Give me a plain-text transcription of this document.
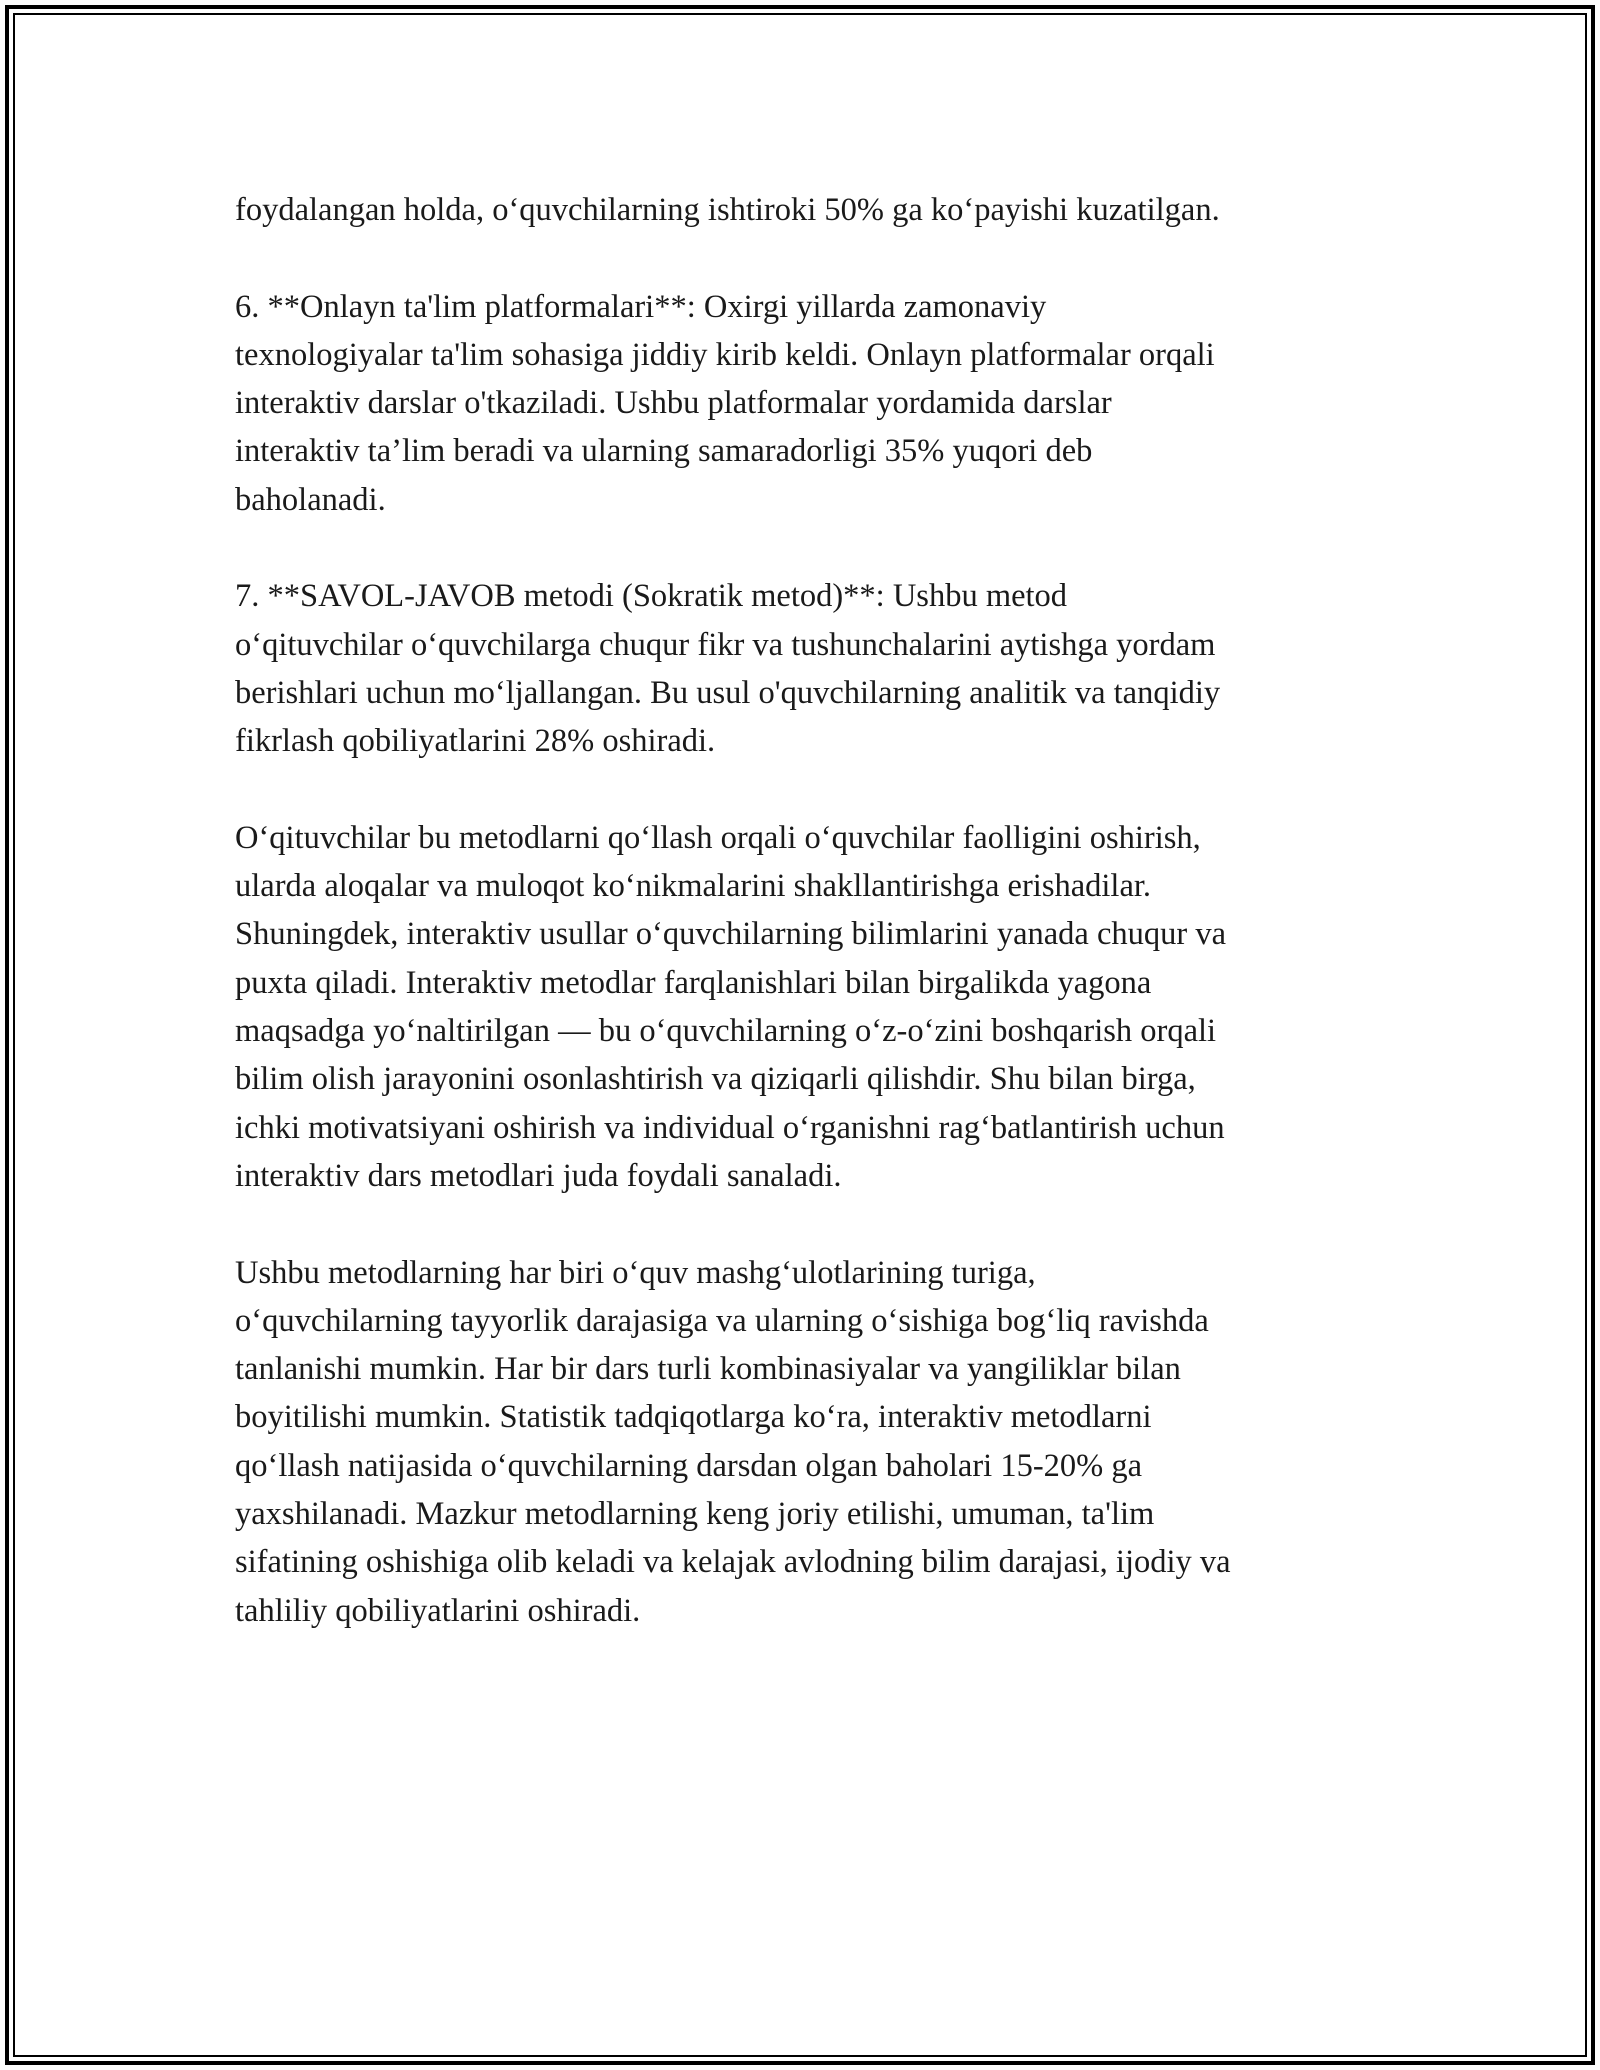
foydalangan holda, o‘quvchilarning ishtiroki 50% ga ko‘payishi kuzatilgan.

6. **Onlayn ta'lim platformalari**: Oxirgi yillarda zamonaviy
texnologiyalar ta'lim sohasiga jiddiy kirib keldi. Onlayn platformalar orqali
interaktiv darslar o'tkaziladi. Ushbu platformalar yordamida darslar
interaktiv ta’lim beradi va ularning samaradorligi 35% yuqori deb
baholanadi.

7. **SAVOL-JAVOB metodi (Sokratik metod)**: Ushbu metod
o‘qituvchilar o‘quvchilarga chuqur fikr va tushunchalarini aytishga yordam
berishlari uchun mo‘ljallangan. Bu usul o'quvchilarning analitik va tanqidiy
fikrlash qobiliyatlarini 28% oshiradi.

O‘qituvchilar bu metodlarni qo‘llash orqali o‘quvchilar faolligini oshirish,
ularda aloqalar va muloqot ko‘nikmalarini shakllantirishga erishadilar.
Shuningdek, interaktiv usullar o‘quvchilarning bilimlarini yanada chuqur va
puxta qiladi. Interaktiv metodlar farqlanishlari bilan birgalikda yagona
maqsadga yo‘naltirilgan — bu o‘quvchilarning o‘z-o‘zini boshqarish orqali
bilim olish jarayonini osonlashtirish va qiziqarli qilishdir. Shu bilan birga,
ichki motivatsiyani oshirish va individual o‘rganishni rag‘batlantirish uchun
interaktiv dars metodlari juda foydali sanaladi.

Ushbu metodlarning har biri o‘quv mashg‘ulotlarining turiga,
o‘quvchilarning tayyorlik darajasiga va ularning o‘sishiga bog‘liq ravishda
tanlanishi mumkin. Har bir dars turli kombinasiyalar va yangiliklar bilan
boyitilishi mumkin. Statistik tadqiqotlarga ko‘ra, interaktiv metodlarni
qo‘llash natijasida o‘quvchilarning darsdan olgan baholari 15-20% ga
yaxshilanadi. Mazkur metodlarning keng joriy etilishi, umuman, ta'lim
sifatining oshishiga olib keladi va kelajak avlodning bilim darajasi, ijodiy va
tahliliy qobiliyatlarini oshiradi.
